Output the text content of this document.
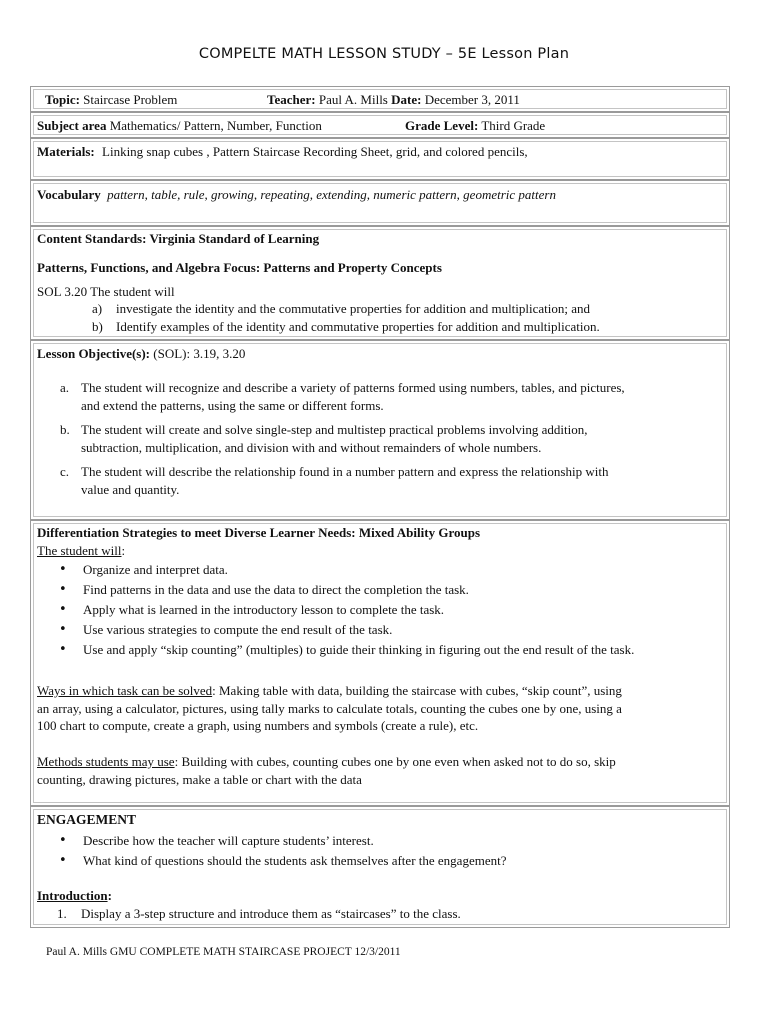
COMPELTE MATH LESSON STUDY – 5E Lesson Plan
Topic: Staircase Problem	Teacher: Paul A. Mills Date: December 3, 2011
Subject area Mathematics/ Pattern, Number, Function	Grade Level: Third Grade
Materials: Linking snap cubes , Pattern Staircase Recording Sheet, grid, and colored pencils,
Vocabulary pattern, table, rule, growing, repeating, extending, numeric pattern, geometric pattern
Content Standards: Virginia Standard of Learning
Patterns, Functions, and Algebra Focus: Patterns and Property Concepts
SOL 3.20 The student will
a) investigate the identity and the commutative properties for addition and multiplication; and
b) Identify examples of the identity and commutative properties for addition and multiplication.
Lesson Objective(s): (SOL): 3.19, 3.20
a. The student will recognize and describe a variety of patterns formed using numbers, tables, and pictures,
and extend the patterns, using the same or different forms.
b. The student will create and solve single-step and multistep practical problems involving addition,
subtraction, multiplication, and division with and without remainders of whole numbers.
c. The student will describe the relationship found in a number pattern and express the relationship with
value and quantity.
Differentiation Strategies to meet Diverse Learner Needs: Mixed Ability Groups
The student will:
• Organize and interpret data.
• Find patterns in the data and use the data to direct the completion the task.
• Apply what is learned in the introductory lesson to complete the task.
• Use various strategies to compute the end result of the task.
• Use and apply “skip counting” (multiples) to guide their thinking in figuring out the end result of the task.
Ways in which task can be solved: Making table with data, building the staircase with cubes, “skip count”, using
an array, using a calculator, pictures, using tally marks to calculate totals, counting the cubes one by one, using a
100 chart to compute, create a graph, using numbers and symbols (create a rule), etc.
Methods students may use: Building with cubes, counting cubes one by one even when asked not to do so, skip
counting, drawing pictures, make a table or chart with the data
ENGAGEMENT
• Describe how the teacher will capture students’ interest.
• What kind of questions should the students ask themselves after the engagement?
Introduction:
1. Display a 3-step structure and introduce them as “staircases” to the class.
Paul A. Mills GMU COMPLETE MATH STAIRCASE PROJECT 12/3/2011
